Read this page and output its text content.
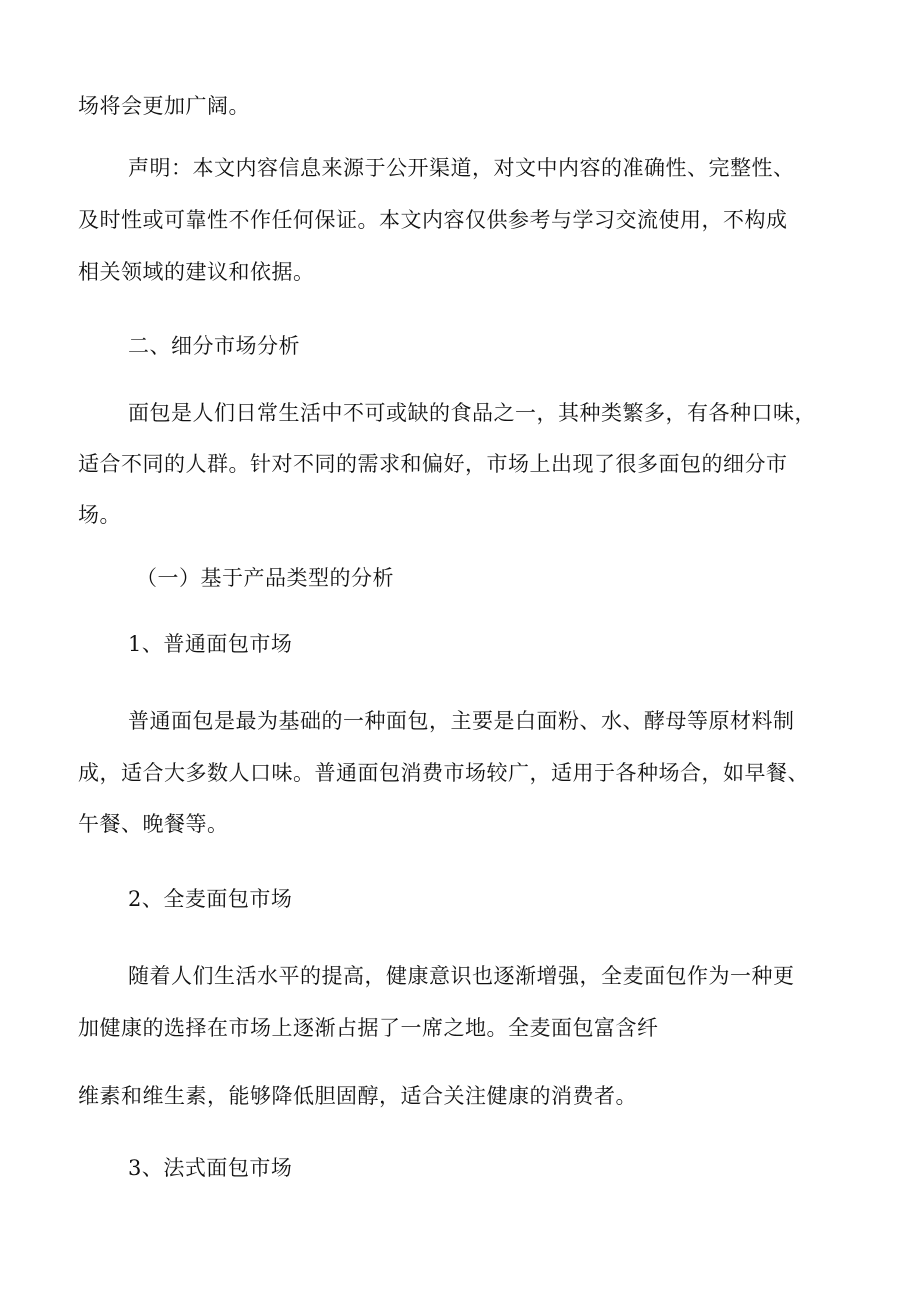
场将会更加广阔。

声明：本文内容信息来源于公开渠道，对文中内容的准确性、完整性、

及时性或可靠性不作任何保证。本文内容仅供参考与学习交流使用，不构成

相关领域的建议和依据。

二、细分市场分析

面包是人们日常生活中不可或缺的食品之一，其种类繁多，有各种口味，

适合不同的人群。针对不同的需求和偏好，市场上出现了很多面包的细分市

场。

（一）基于产品类型的分析

1、普通面包市场

普通面包是最为基础的一种面包，主要是白面粉、水、酵母等原材料制

成，适合大多数人口味。普通面包消费市场较广，适用于各种场合，如早餐、

午餐、晚餐等。

2、全麦面包市场

随着人们生活水平的提高，健康意识也逐渐增强，全麦面包作为一种更

加健康的选择在市场上逐渐占据了一席之地。全麦面包富含纤

维素和维生素，能够降低胆固醇，适合关注健康的消费者。

3、法式面包市场
